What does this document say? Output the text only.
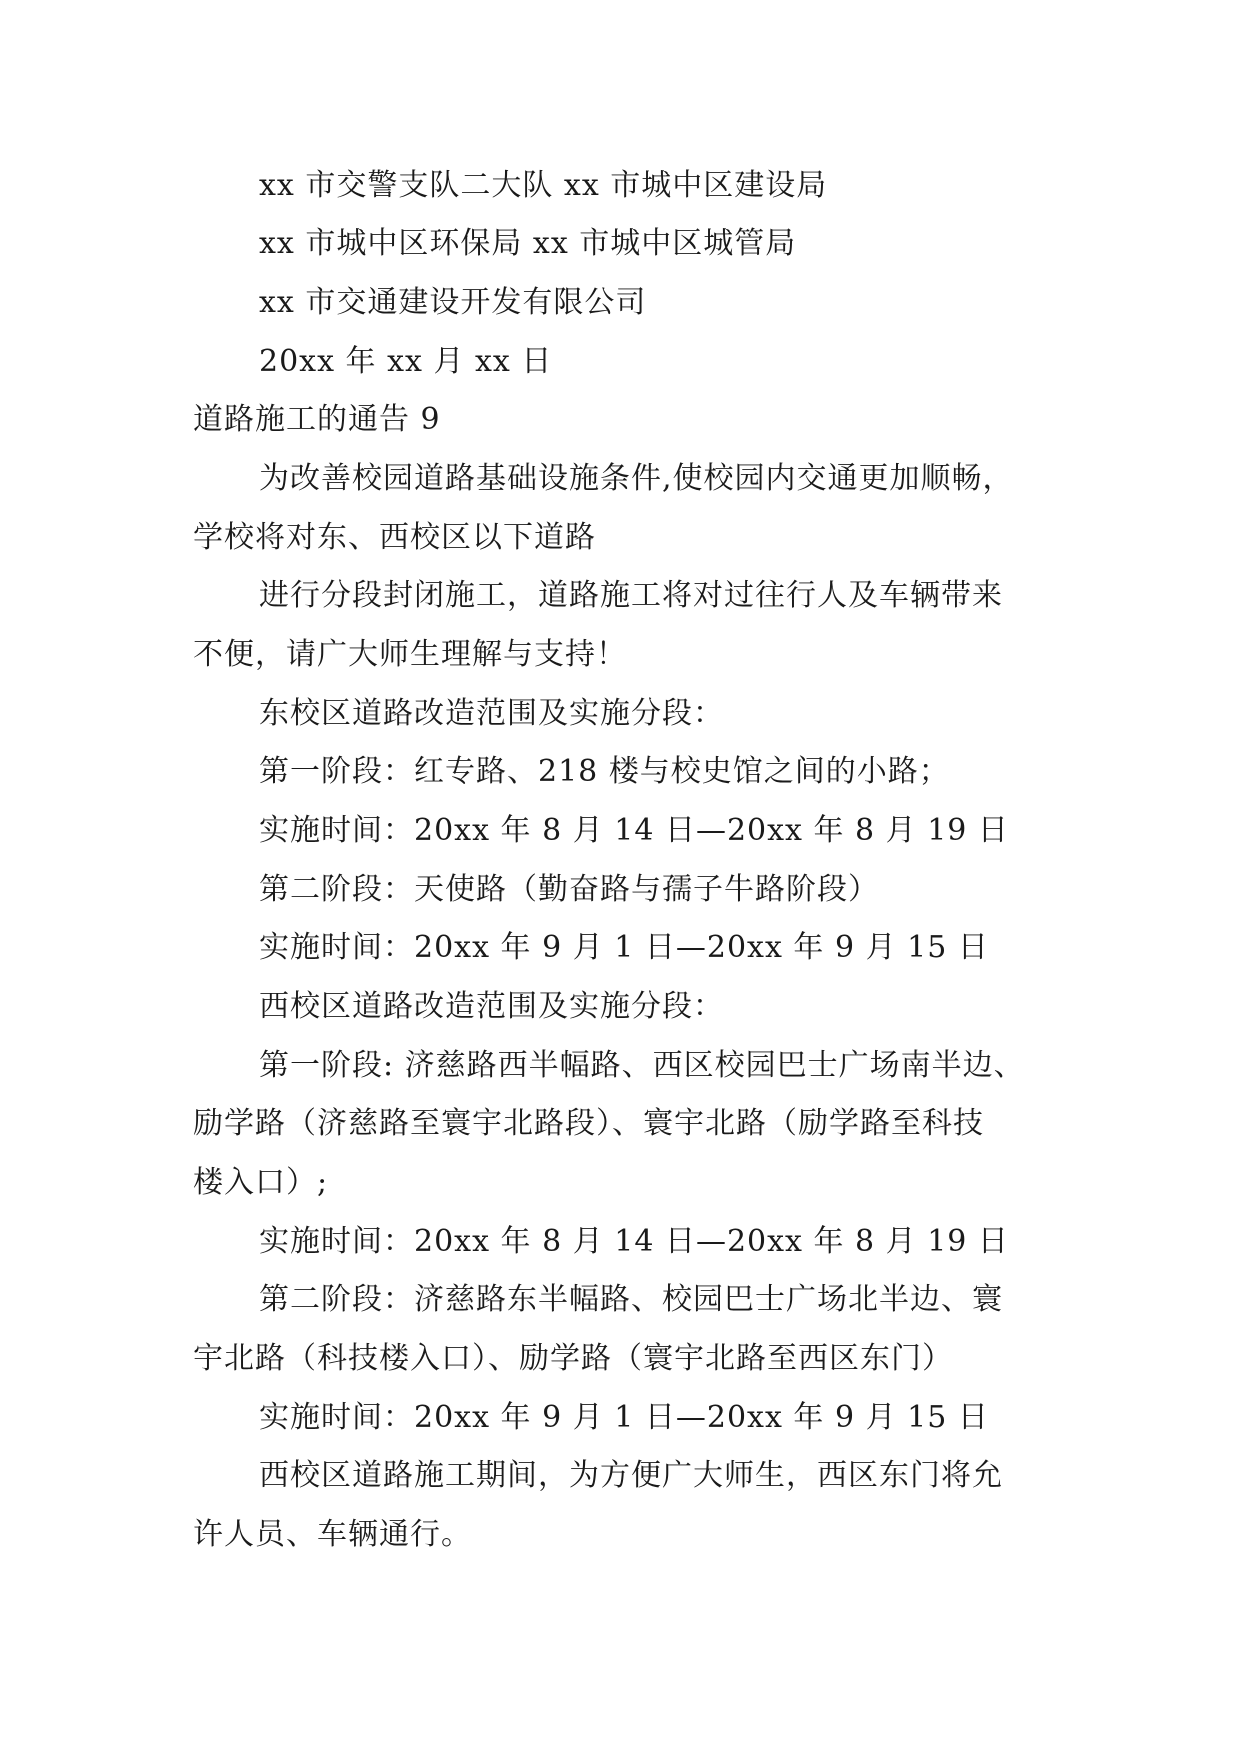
xx 市交警支队二大队 xx 市城中区建设局
xx 市城中区环保局 xx 市城中区城管局
xx 市交通建设开发有限公司
20xx 年 xx 月 xx 日
道路施工的通告 9
为改善校园道路基础设施条件,使校园内交通更加顺畅，
学校将对东、西校区以下道路
进行分段封闭施工，道路施工将对过往行人及车辆带来
不便，请广大师生理解与支持！
东校区道路改造范围及实施分段：
第一阶段：红专路、218 楼与校史馆之间的小路；
实施时间：20xx 年 8 月 14 日—20xx 年 8 月 19 日
第二阶段：天使路（勤奋路与孺子牛路阶段）
实施时间：20xx 年 9 月 1 日—20xx 年 9 月 15 日
西校区道路改造范围及实施分段：
第一阶段: 济慈路西半幅路、西区校园巴士广场南半边、
励学路（济慈路至寰宇北路段）、寰宇北路（励学路至科技
楼入口）;
实施时间：20xx 年 8 月 14 日—20xx 年 8 月 19 日
第二阶段：济慈路东半幅路、校园巴士广场北半边、寰
宇北路（科技楼入口）、励学路（寰宇北路至西区东门）
实施时间：20xx 年 9 月 1 日—20xx 年 9 月 15 日
西校区道路施工期间，为方便广大师生，西区东门将允
许人员、车辆通行。
